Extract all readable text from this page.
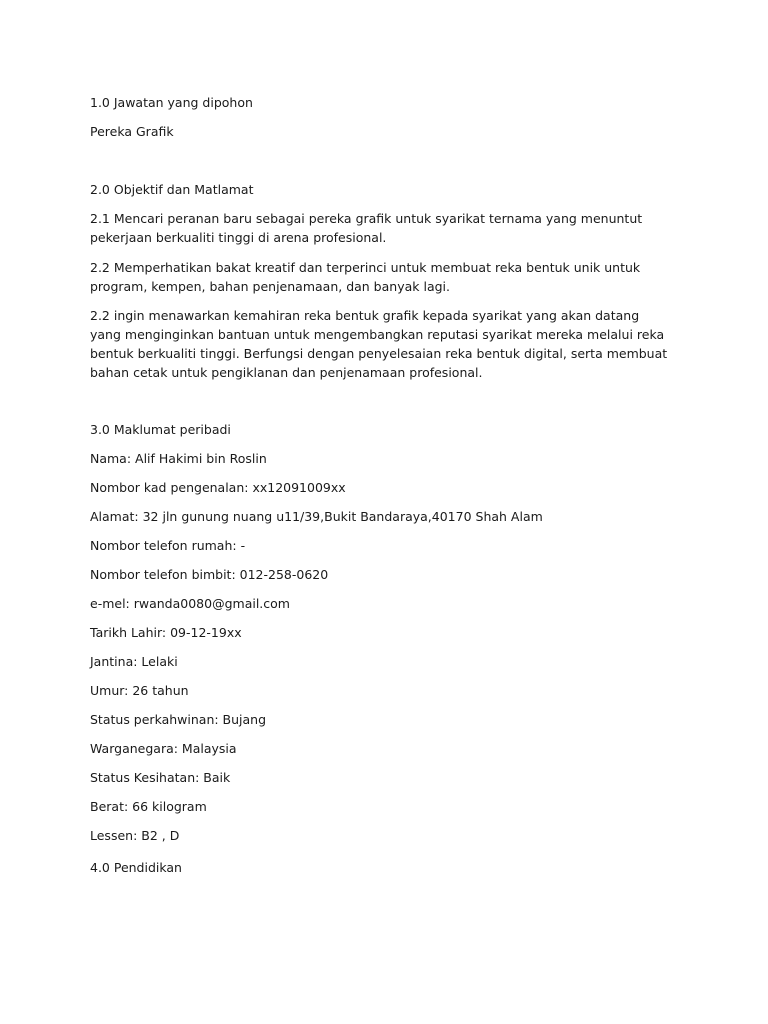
1.0 Jawatan yang dipohon
Pereka Grafik
2.0 Objektif dan Matlamat
2.1 Mencari peranan baru sebagai pereka grafik untuk syarikat ternama yang menuntut pekerjaan berkualiti tinggi di arena profesional.
2.2 Memperhatikan bakat kreatif dan terperinci untuk membuat reka bentuk unik untuk program, kempen, bahan penjenamaan, dan banyak lagi.
2.2 ingin menawarkan kemahiran reka bentuk grafik kepada syarikat yang akan datang yang menginginkan bantuan untuk mengembangkan reputasi syarikat mereka melalui reka bentuk berkualiti tinggi. Berfungsi dengan penyelesaian reka bentuk digital, serta membuat bahan cetak untuk pengiklanan dan penjenamaan profesional.
3.0 Maklumat peribadi
Nama: Alif Hakimi bin Roslin
Nombor kad pengenalan: xx12091009xx
Alamat: 32 jln gunung nuang u11/39,Bukit Bandaraya,40170 Shah Alam
Nombor telefon rumah: -
Nombor telefon bimbit: 012-258-0620
e-mel: rwanda0080@gmail.com
Tarikh Lahir: 09-12-19xx
Jantina: Lelaki
Umur: 26 tahun
Status perkahwinan: Bujang
Warganegara: Malaysia
Status Kesihatan: Baik
Berat: 66 kilogram
Lessen: B2 , D
4.0 Pendidikan
